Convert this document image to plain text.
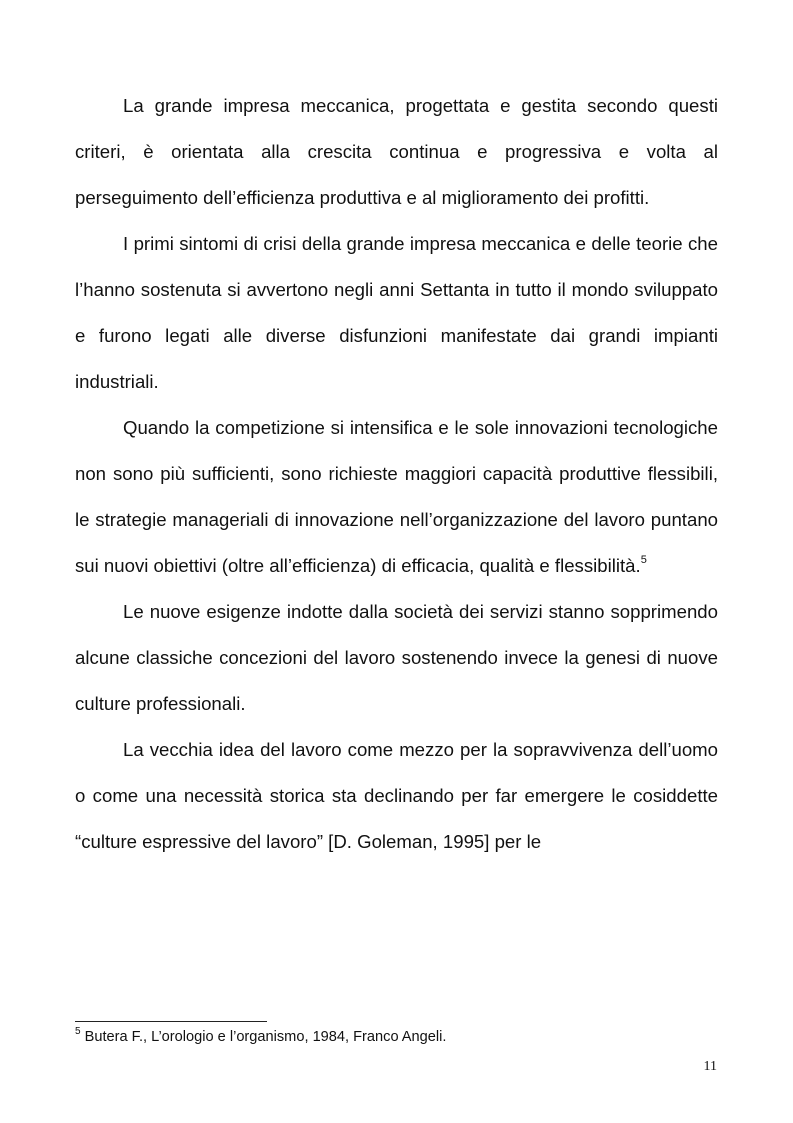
La grande impresa meccanica, progettata e gestita secondo questi criteri, è orientata alla crescita continua e progressiva e volta al perseguimento dell’efficienza produttiva e al miglioramento dei profitti.

I primi sintomi di crisi della grande impresa meccanica e delle teorie che l’hanno sostenuta si avvertono negli anni Settanta in tutto il mondo sviluppato e furono legati alle diverse disfunzioni manifestate dai grandi impianti industriali.

Quando la competizione si intensifica e le sole innovazioni tecnologiche non sono più sufficienti, sono richieste maggiori capacità produttive flessibili, le strategie manageriali di innovazione nell’organizzazione del lavoro puntano sui nuovi obiettivi (oltre all’efficienza) di efficacia, qualità e flessibilità.$^5$

Le nuove esigenze indotte dalla società dei servizi stanno sopprimendo alcune classiche concezioni del lavoro sostenendo invece la genesi di nuove culture professionali.

La vecchia idea del lavoro come mezzo per la sopravvivenza dell’uomo o come una necessità storica sta declinando per far emergere le cosiddette “culture espressive del lavoro” [D. Goleman, 1995] per le

$^5$ Butera F., L’orologio e l’organismo, 1984, Franco Angeli.

11
